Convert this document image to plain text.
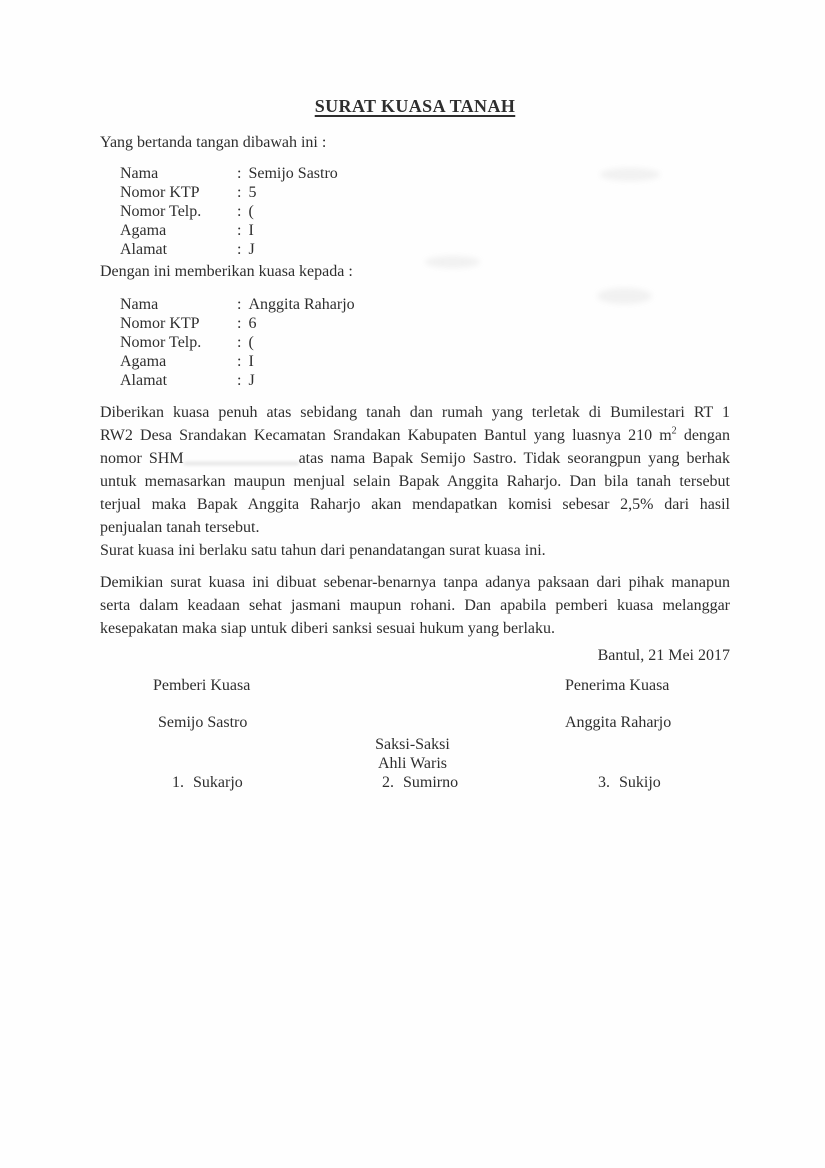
SURAT KUASA TANAH

Yang bertanda tangan dibawah ini :

Nama	: Semijo Sastro
Nomor KTP	: 5
Nomor Telp.	: (
Agama	: I
Alamat	: J

Dengan ini memberikan kuasa kepada :

Nama	: Anggita Raharjo
Nomor KTP	: 6
Nomor Telp.	: (
Agama	: I
Alamat	: J
Diberikan kuasa penuh atas sebidang tanah dan rumah yang terletak di Bumilestari RT 1
RW2 Desa Srandakan Kecamatan Srandakan Kabupaten Bantul yang luasnya 210 $m^2$ dengan
nomor SHM	atas nama Bapak Semijo Sastro. Tidak seorangpun yang berhak
untuk memasarkan maupun menjual selain Bapak Anggita Raharjo. Dan bila tanah tersebut
terjual maka Bapak Anggita Raharjo akan mendapatkan komisi sebesar 2,5% dari hasil
penjualan tanah tersebut.

Surat kuasa ini berlaku satu tahun dari penandatangan surat kuasa ini.

Demikian surat kuasa ini dibuat sebenar-benarnya tanpa adanya paksaan dari pihak manapun
serta dalam keadaan sehat jasmani maupun rohani. Dan apabila pemberi kuasa melanggar
kesepakatan maka siap untuk diberi sanksi sesuai hukum yang berlaku.

Bantul, 21 Mei 2017

Pemberi Kuasa	Penerima Kuasa
Semijo Sastro	Anggita Raharjo
Saksi-Saksi
Ahli Waris
1. Sukarjo	2. Sumirno	3. Sukijo
